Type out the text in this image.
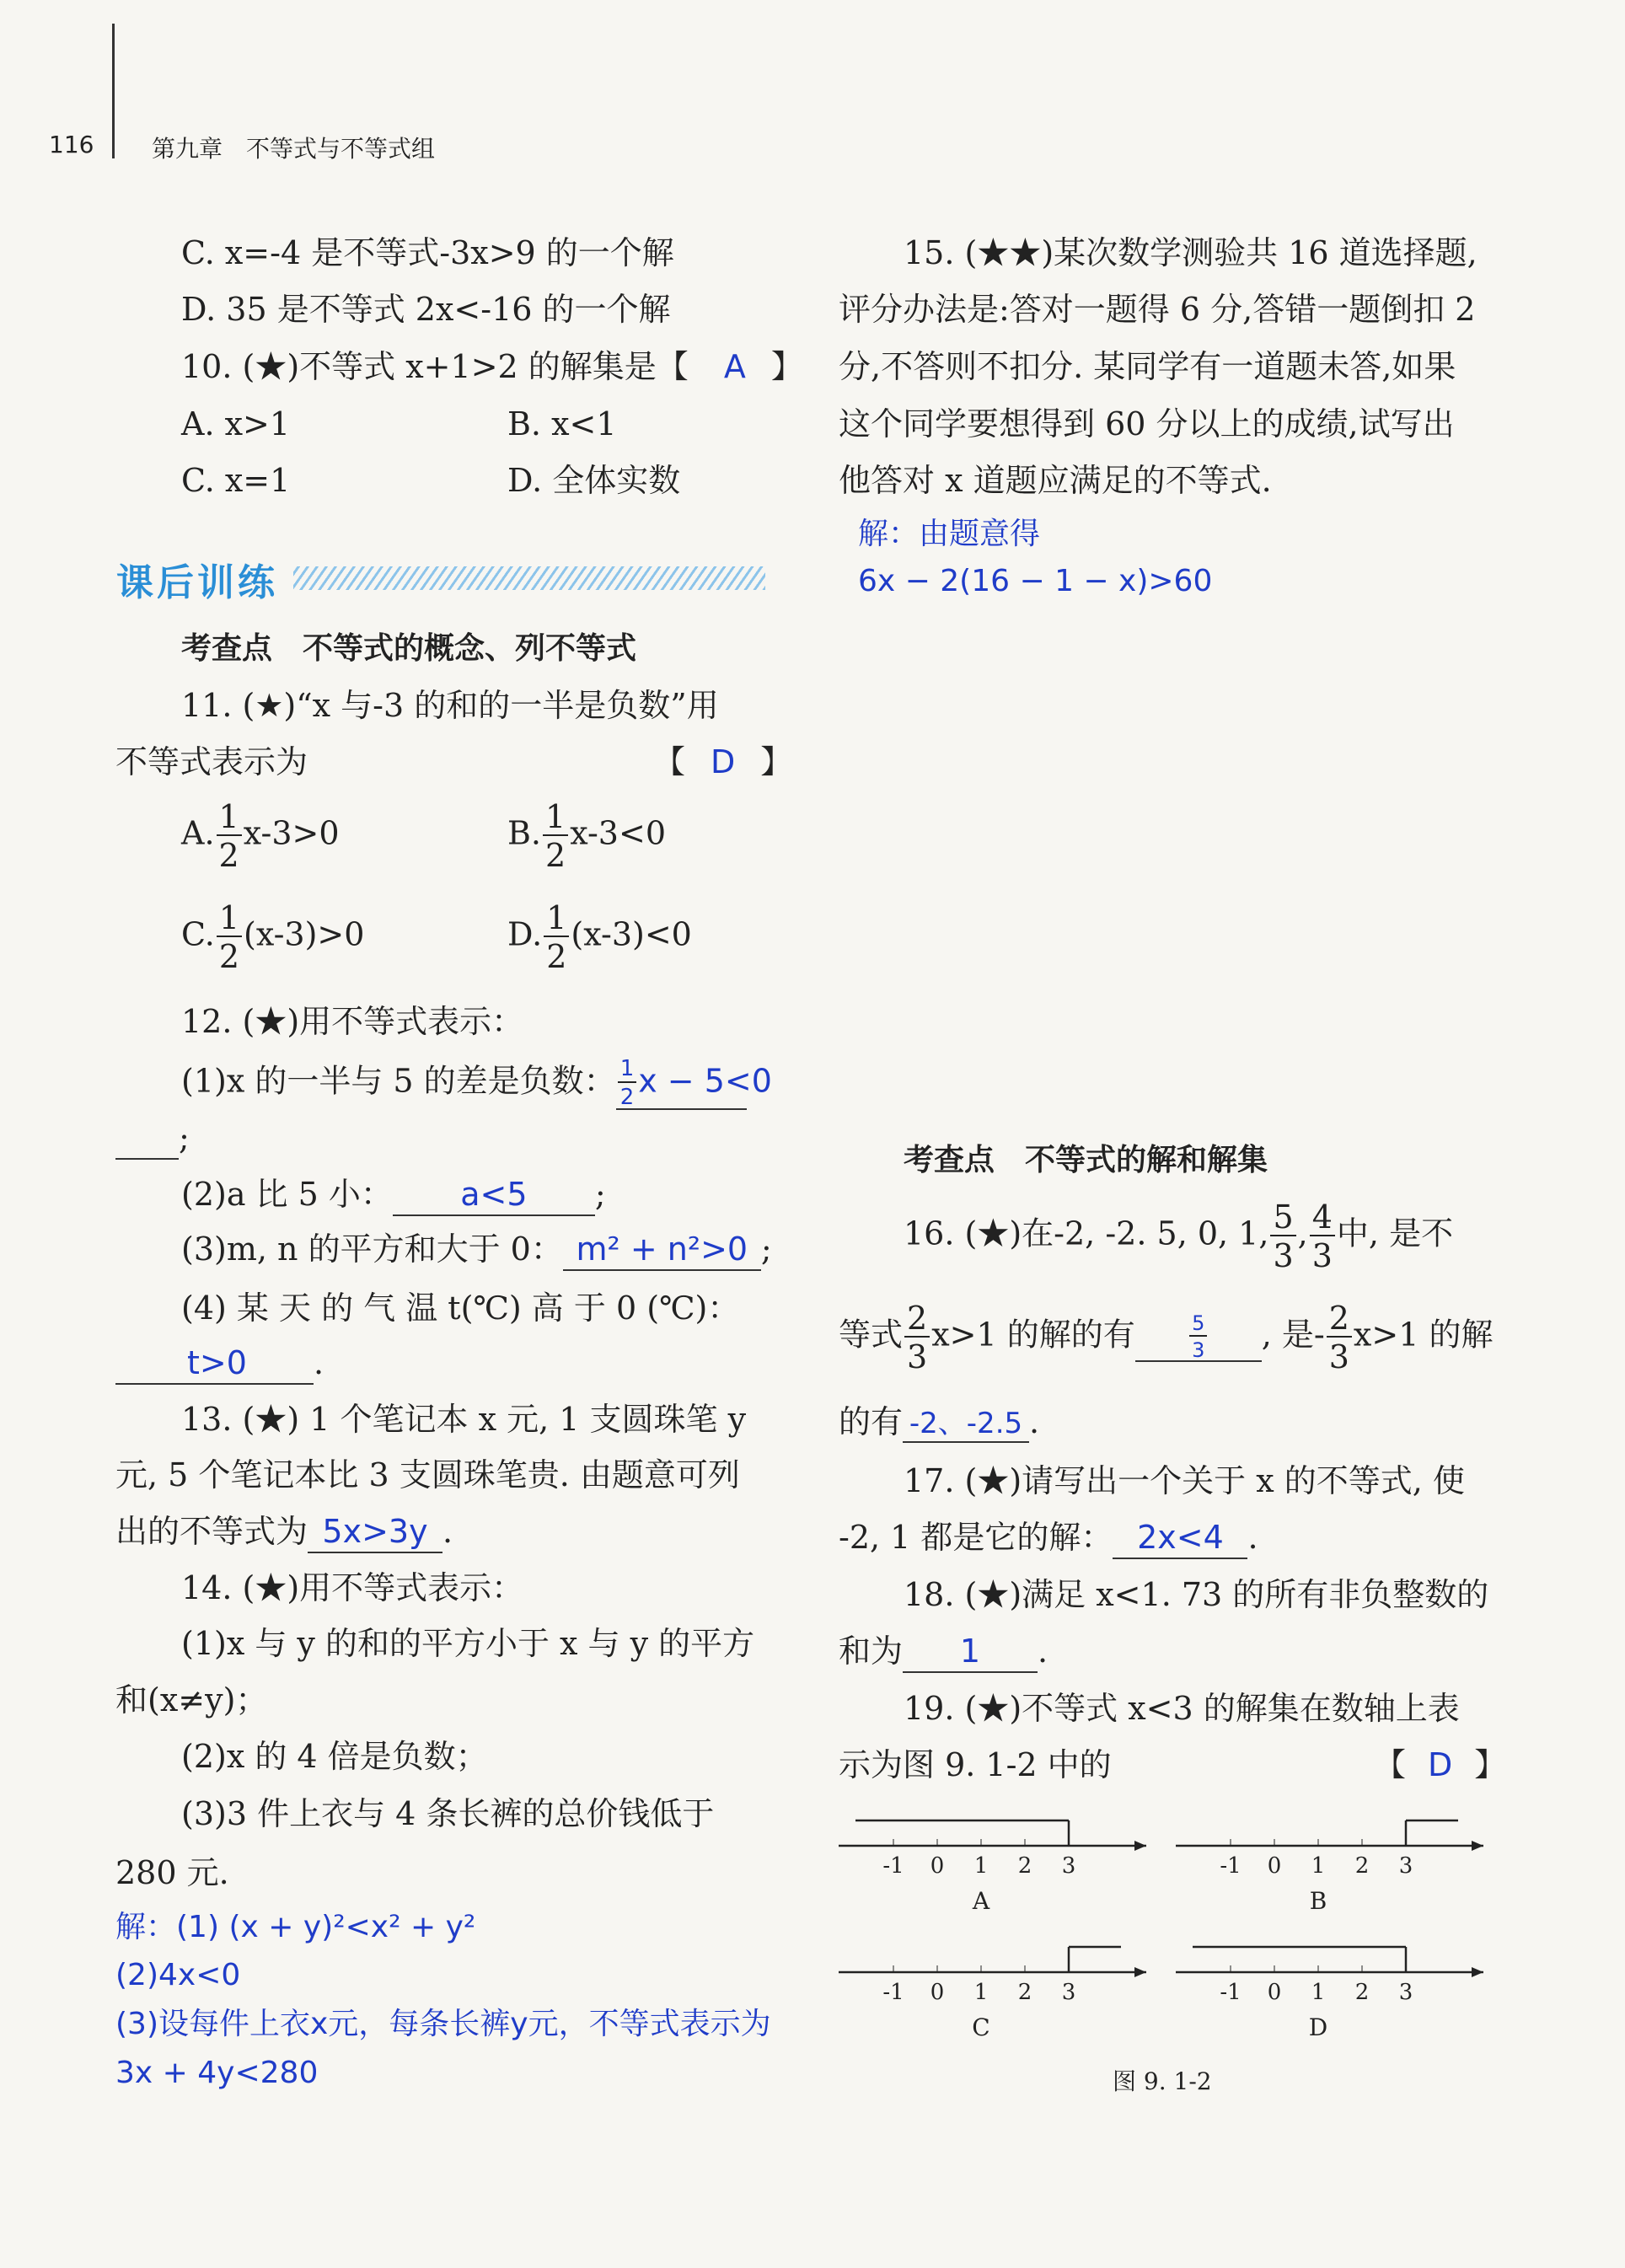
116 第九章　不等式与不等式组
C. x=-4 是不等式-3x>9 的一个解
D. 35 是不等式 2x<-16 的一个解
10. (★)不等式 x+1>2 的解集是【 A 】
A. x>1	B. x<1
C. x=1	D. 全体实数
课后训练
考查点　不等式的概念、列不等式
11. (★)“x 与-3 的和的一半是负数”用
不等式表示为	【 D 】
A. $\frac{1}{2} x-3>0$	B. $\frac{1}{2} x-3<0$
C. $\frac{1}{2} (x-3)>0$	D. $\frac{1}{2} (x-3)<0$
12. (★)用不等式表示：
(1)x 的一半与 5 的差是负数： $\frac{1}{2}$ x − 5<0
;
(2)a 比 5 小： a<5 ;
(3)m, n 的平方和大于 0： m² + n²>0 ;
(4) 某 天 的 气 温 t(℃) 高 于 0 (℃)：
t>0 .
13. (★) 1 个笔记本 x 元, 1 支圆珠笔 y
元, 5 个笔记本比 3 支圆珠笔贵. 由题意可列
出的不等式为 5x>3y .
14. (★)用不等式表示：
(1)x 与 y 的和的平方小于 x 与 y 的平方
和(x≠y)；
(2)x 的 4 倍是负数；
(3)3 件上衣与 4 条长裤的总价钱低于
280 元.
解：(1) (x + y)²<x² + y²
(2)4x<0
(3)设每件上衣x元，每条长裤y元，不等式表示为
3x + 4y<280
15. (★★)某次数学测验共 16 道选择题,
评分办法是:答对一题得 6 分,答错一题倒扣 2
分,不答则不扣分. 某同学有一道题未答,如果
这个同学要想得到 60 分以上的成绩,试写出
他答对 x 道题应满足的不等式.
解：由题意得
6x − 2(16 − 1 − x)>60
考查点　不等式的解和解集
16. (★)在-2, -2. 5, 0, 1, $\frac{5}{3}$ , $\frac{4}{3}$ 中, 是不
等式 $\frac{2}{3} x>1$ 的解的有	$\frac{5}{3}$ , 是- $\frac{2}{3} x>1$ 的解
的有 -2、-2.5 .
17. (★)请写出一个关于 x 的不等式, 使
-2, 1 都是它的解： 2x<4 .
18. (★)满足 x<1. 73 的所有非负整数的
和为 1 .
19. (★)不等式 x<3 的解集在数轴上表
示为图 9. 1-2 中的	【 D 】
-1 0 1 2 3
A
-1 0 1 2 3
B
-1 0 1 2 3
C
-1 0 1 2 3
D
图 9. 1-2
